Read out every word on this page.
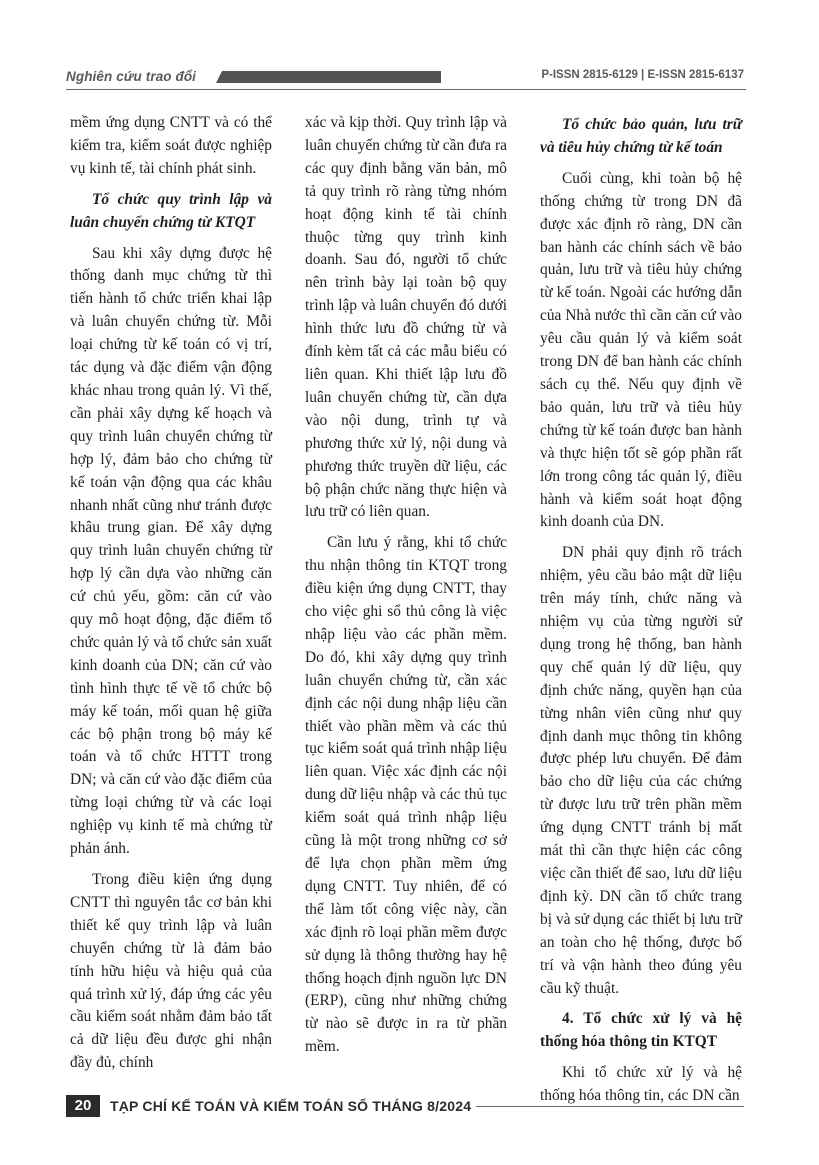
Nghiên cứu trao đổi	P-ISSN 2815-6129 | E-ISSN 2815-6137

mềm ứng dụng CNTT và có thể kiểm tra, kiểm soát được nghiệp vụ kinh tế, tài chính phát sinh.

Tổ chức quy trình lập và luân chuyển chứng từ KTQT

Sau khi xây dựng được hệ thống danh mục chứng từ thì tiến hành tổ chức triển khai lập và luân chuyển chứng từ. Mỗi loại chứng từ kế toán có vị trí, tác dụng và đặc điểm vận động khác nhau trong quản lý. Vì thế, cần phải xây dựng kế hoạch và quy trình luân chuyển chứng từ hợp lý, đảm bảo cho chứng từ kế toán vận động qua các khâu nhanh nhất cũng như tránh được khâu trung gian. Để xây dựng quy trình luân chuyển chứng từ hợp lý cần dựa vào những căn cứ chủ yếu, gồm: căn cứ vào quy mô hoạt động, đặc điểm tổ chức quản lý và tổ chức sản xuất kinh doanh của DN; căn cứ vào tình hình thực tế về tổ chức bộ máy kế toán, mối quan hệ giữa các bộ phận trong bộ máy kế toán và tổ chức HTTT trong DN; và căn cứ vào đặc điểm của từng loại chứng từ và các loại nghiệp vụ kinh tế mà chứng từ phản ánh.

Trong điều kiện ứng dụng CNTT thì nguyên tắc cơ bản khi thiết kế quy trình lập và luân chuyển chứng từ là đảm bảo tính hữu hiệu và hiệu quả của quá trình xử lý, đáp ứng các yêu cầu kiểm soát nhằm đảm bảo tất cả dữ liệu đều được ghi nhận đầy đủ, chính

xác và kịp thời. Quy trình lập và luân chuyển chứng từ cần đưa ra các quy định bằng văn bản, mô tả quy trình rõ ràng từng nhóm hoạt động kinh tế tài chính thuộc từng quy trình kinh doanh. Sau đó, người tổ chức nên trình bày lại toàn bộ quy trình lập và luân chuyển đó dưới hình thức lưu đồ chứng từ và đính kèm tất cả các mẫu biểu có liên quan. Khi thiết lập lưu đồ luân chuyển chứng từ, cần dựa vào nội dung, trình tự và phương thức xử lý, nội dung và phương thức truyền dữ liệu, các bộ phận chức năng thực hiện và lưu trữ có liên quan.

Cần lưu ý rằng, khi tổ chức thu nhận thông tin KTQT trong điều kiện ứng dụng CNTT, thay cho việc ghi sổ thủ công là việc nhập liệu vào các phần mềm. Do đó, khi xây dựng quy trình luân chuyển chứng từ, cần xác định các nội dung nhập liệu cần thiết vào phần mềm và các thủ tục kiểm soát quá trình nhập liệu liên quan. Việc xác định các nội dung dữ liệu nhập và các thủ tục kiểm soát quá trình nhập liệu cũng là một trong những cơ sở để lựa chọn phần mềm ứng dụng CNTT. Tuy nhiên, để có thể làm tốt công việc này, cần xác định rõ loại phần mềm được sử dụng là thông thường hay hệ thống hoạch định nguồn lực DN (ERP), cũng như những chứng từ nào sẽ được in ra từ phần mềm.

Tổ chức bảo quản, lưu trữ và tiêu hủy chứng từ kế toán

Cuối cùng, khi toàn bộ hệ thống chứng từ trong DN đã được xác định rõ ràng, DN cần ban hành các chính sách về bảo quản, lưu trữ và tiêu hủy chứng từ kế toán. Ngoài các hướng dẫn của Nhà nước thì cần căn cứ vào yêu cầu quản lý và kiểm soát trong DN để ban hành các chính sách cụ thể. Nếu quy định về bảo quản, lưu trữ và tiêu hủy chứng từ kế toán được ban hành và thực hiện tốt sẽ góp phần rất lớn trong công tác quản lý, điều hành và kiểm soát hoạt động kinh doanh của DN.

DN phải quy định rõ trách nhiệm, yêu cầu bảo mật dữ liệu trên máy tính, chức năng và nhiệm vụ của từng người sử dụng trong hệ thống, ban hành quy chế quản lý dữ liệu, quy định chức năng, quyền hạn của từng nhân viên cũng như quy định danh mục thông tin không được phép lưu chuyển. Để đảm bảo cho dữ liệu của các chứng từ được lưu trữ trên phần mềm ứng dụng CNTT tránh bị mất mát thì cần thực hiện các công việc cần thiết để sao, lưu dữ liệu định kỳ. DN cần tổ chức trang bị và sử dụng các thiết bị lưu trữ an toàn cho hệ thống, được bố trí và vận hành theo đúng yêu cầu kỹ thuật.

4. Tổ chức xử lý và hệ thống hóa thông tin KTQT

Khi tổ chức xử lý và hệ thống hóa thông tin, các DN cần

20	TẠP CHÍ KẾ TOÁN VÀ KIỂM TOÁN SỐ THÁNG 8/2024
